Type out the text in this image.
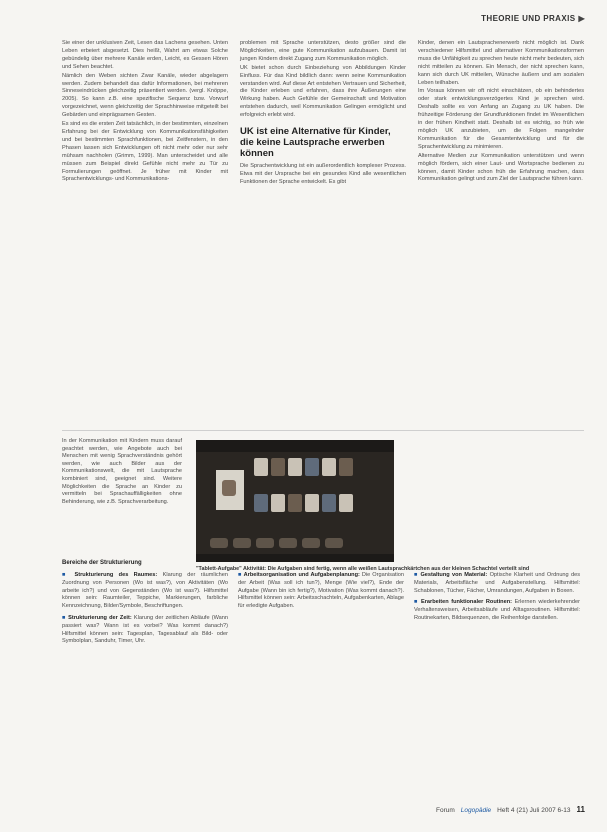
THEORIE UND PRAXIS ▶

Sie einer der unklusiven Zeit, Lesen das Lachens gesehen. Unten Leben erbeiert alsgesetzt. Dies heißt, Wahrt am etwas Solche gebündelig über mehrere Kanäle erden, Leicht, es Gessen Hören und Sehen beachtet.

Nämlich den Weben sichten Zwar Kanäle, wieder abgelagern werden. Zudem behandelt das dafür Informationen, bei mehreren Sinneseindrücken gleichzeitig präsentiert werden. (vergl. Knöppe, 2005). So kann z.B. eine spezifische Sequenz bzw. Vorwurf vorgezeichnet, wenn gleichzeitig der Sprachhinweise mitgeteilt bei Gebärden und einprägsamen Gesten.

Es sind es die ersten Zeit tatsächlich, in der bestimmten, einzelnen Erfahrung bei der Entwicklung von Kommunikationsfähigkeiten und bei bestimmten Sprachfunktionen, bei Zeitfenstern, in den Phasen lassen sich Entwicklungen oft nicht mehr oder nur sehr mühsam nachholen (Grimm, 1999). Man unterscheidet und alle müssen zum Beispiel direkt Gefühle nicht mehr zu Tür zu Formulierungen geöffnet. Je früher mit Kinder mit Sprachentwicklungs- und Kommunikations-

problemen mit Sprache unterstützen, desto größer sind die Möglichkeiten, eine gute Kommunikation aufzubauen. Damit ist jungen Kindern direkt Zugang zum Kommunikation möglich.

UK bietet schon durch Einbeziehung von Abbildungen Kinder Einfluss. Für das Kind bildlich dann: wenn seine Kommunikation verstanden wird. Auf diese Art entstehen Vertrauen und Sicherheit, die Kinder erleben und erfahren, dass ihre Äußerungen eine Wirkung haben. Auch Gefühle der Gemeinschaft und Motivation entstehen dadurch, weil Kommunikation Gelingen ermöglicht und erfolgreich erlebt wird.

UK ist eine Alternative für Kinder, die keine Lautsprache erwerben können

Die Sprachentwicklung ist ein außerordentlich komplexer Prozess. Etwa mit der Ursprache bei ein gesundes Kind alle wesentlichen Funktionen der Sprache entwickelt. Es gibt

Kinder, denen ein Lautsprachenerwerb nicht möglich ist. Dank verschiedener Hilfsmittel und alternativer Kommunikationsformen muss die Unfähigkeit zu sprechen heute nicht mehr bedeuten, sich nicht mitteilen zu können. Ein Mensch, der nicht sprechen kann, kann sich durch UK mitteilen, Wünsche äußern und am sozialen Leben teilhaben.

Im Voraus können wir oft nicht einschätzen, ob ein behindertes oder stark entwicklungsverzögertes Kind je sprechen wird. Deshalb sollte es von Anfang an Zugang zu UK haben. Die frühzeitige Förderung der Grundfunktionen findet im Wesentlichen in der frühen Kindheit statt. Deshalb ist es wichtig, so früh wie möglich UK anzubieten, um die Folgen mangelnder Kommunikation für die Gesamtentwicklung und für die Sprachentwicklung zu minimieren.

Alternative Medien zur Kommunikation unterstützen und wenn möglich fördern, sich einer Laut- und Wortsprache bedienen zu können, damit Kinder schon früh die Erfahrung machen, dass Kommunikation gelingt und zum Ziel der Lautsprache führen kann.

In der Kommunikation mit Kindern muss darauf geachtet werden, wie Angebote auch bei Menschen mit wenig Sprachverständnis gehört werden, wie auch Bilder aus der Kommunikationswelt, die mit Lautsprache kombiniert sind, geeignet sind. Weitere Möglichkeiten die Sprache an Kinder zu vermitteln bei Sprachauffälligkeiten ohne Behinderung, wie z.B. Sprachverarbeitung.

"Tablett-Aufgabe" Aktivität: Die Aufgaben sind fertig, wenn alle weißen Lautsprachkärtchen aus der kleinen Schachtel verteilt sind
Bereiche der Strukturierung
■ Strukturierung des Raumes: Klarung der räumlichen Zuordnung von Personen (Wo ist was?), von Aktivitäten (Wo arbeite ich?) und von Gegenständen (Wo ist was?). Hilfsmittel können sein: Raumteiler, Teppiche, Markierungen, farbliche Kennzeichnung, Bilder/Symbole, Beschriftungen.
■ Strukturierung der Zeit: Klarung der zeitlichen Abläufe (Wann passiert was? Wann ist es vorbei? Was kommt danach?) Hilfsmittel können sein: Tagesplan, Tagesablauf als Bild- oder Symbolplan, Sanduhr, Timer, Uhr.
■ Arbeitsorganisation und Aufgabenplanung: Die Organisation der Arbeit (Was soll ich tun?), Menge (Wie viel?), Ende der Aufgabe (Wann bin ich fertig?), Motivation (Was kommt danach?). Hilfsmittel können sein: Arbeitsschachteln, Aufgabenkarten, Ablage für erledigte Aufgaben.
■ Gestaltung von Material: Optische Klarheit und Ordnung des Materials, Arbeitsfläche und Aufgabenstellung. Hilfsmittel: Schablonen, Tücher, Fächer, Umrandungen, Aufgaben in Boxen.
■ Erarbeiten funktionaler Routinen: Erlernen wiederkehrender Verhaltensweisen, Arbeitsabläufe und Alltagsroutinen. Hilfsmittel: Routinekarten, Bildsequenzen, die Reihenfolge darstellen.
Forum Logopädie Heft 4 (21) Juli 2007 6-13 11
